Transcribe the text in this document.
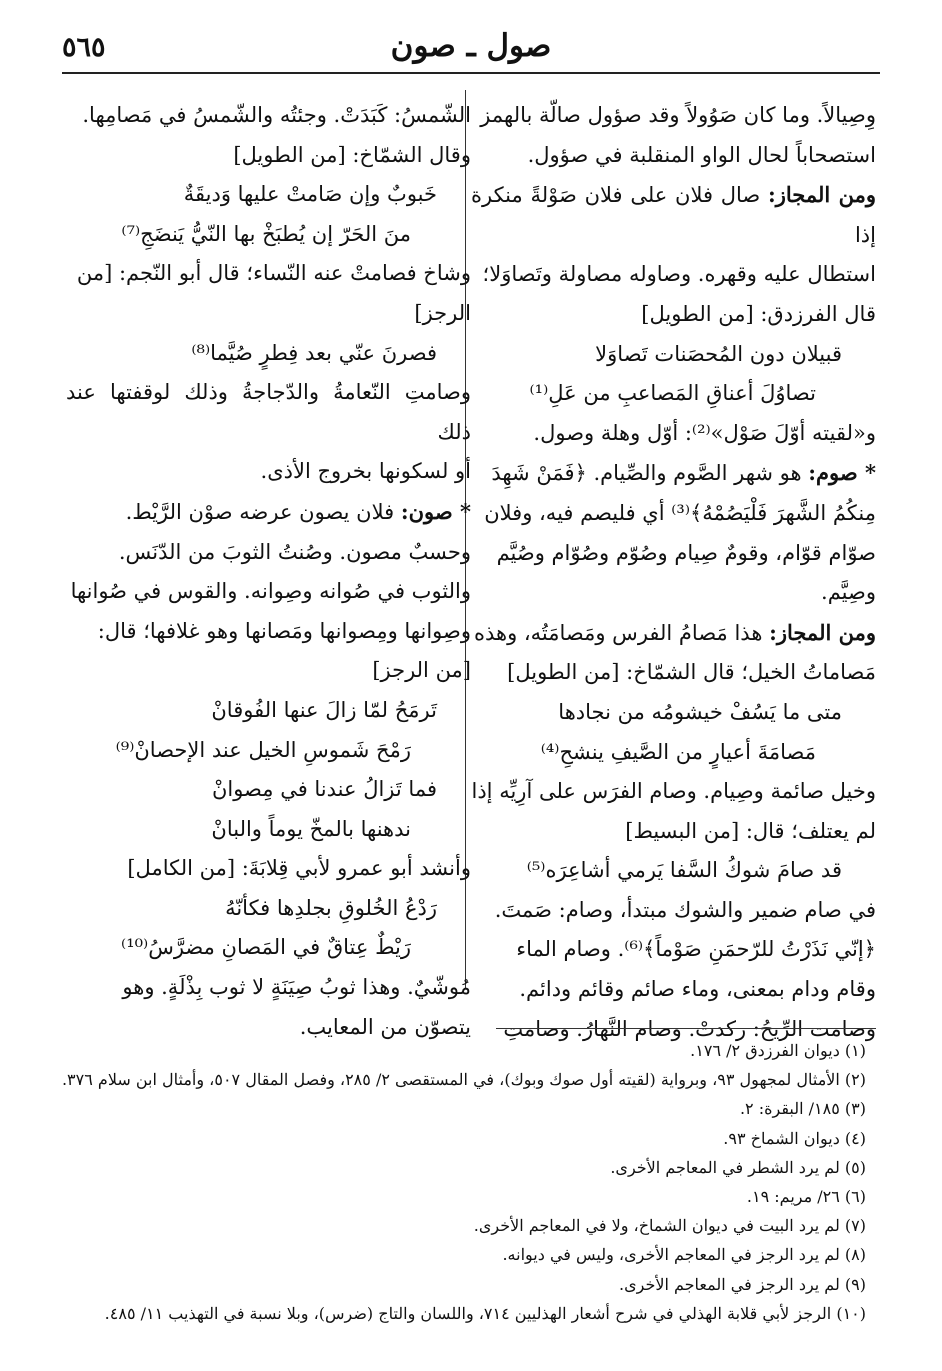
٥٦٥	صول ـ صون

وِصِيالاً. وما كان صَوُولاً وقد صؤول صالّة بالهمز

استصحاباً لحال الواو المنقلبة في صؤول.

ومن المجاز: صال فلان على فلان صَوْلةً منكرة إذا

استطال عليه وقهره. وصاوله مصاولة وتَصاوَلا؛

قال الفرزدق: [من الطويل]

قبيلان دون المُحصَنات تَصاوَلا

تصاوُلَ أعناقِ المَصاعبِ من عَلِ⁽¹⁾

و«لقيته أوّلَ صَوْل»⁽²⁾: أوّل وهلة وصول.

* صوم: هو شهر الصَّوم والصِّيام. ﴿فَمَنْ شَهِدَ

مِنكُمُ الشَّهرَ فَلْيَصُمْهُ﴾⁽³⁾ أي فليصم فيه، وفلان

صوّام قوّام، وقومٌ صِيام وصُوّم وصُوّام وصُيَّم

وصِيَّم.

ومن المجاز: هذا مَصامُ الفرس ومَصامَتُه، وهذه

مَصاماتُ الخيل؛ قال الشمّاخ: [من الطويل]

متى ما يَسُفْ خيشومُه من نجادها

مَصامَةَ أعيارٍ من الصَّيفِ ينشحِ⁽⁴⁾

وخيل صائمة وصِيام. وصام الفرَس على آرِيِّه إذا

لم يعتلف؛ قال: [من البسيط]

قد صامَ شوكُ السَّفا يَرمي أشاعِرَه⁽⁵⁾

في صام ضمير والشوك مبتدأ، وصام: صَمتَ.

﴿إنّي نَذَرْتُ للرّحمَنِ صَوْماً﴾⁽⁶⁾. وصام الماء

وقام ودام بمعنى، وماء صائم وقائم ودائم.

وصامت الرِّيحُ: ركدتْ. وصام النَّهارُ. وصامتِ

الشّمسُ: كَبَدَتْ. وجئتُه والشّمسُ في مَصامِها.

وقال الشمّاخ: [من الطويل]

خَبوبٌ وإن صَامتْ عليها وَديقَةٌ

منَ الحَرّ إن يُطبَخْ بها النّيُّ يَنضَجِ⁽⁷⁾

وشاخ فصامتْ عنه النّساء؛ قال أبو النّجم: [من

الرجز]

فصرنَ عنّي بعد فِطرٍ صُيَّما⁽⁸⁾

وصامتِ النّعامةُ والدّجاجةُ وذلك لوقفتها عند ذلك

أو لسكونها بخروج الأذى.

* صون: فلان يصون عرضه صوْن الرَّيْط.

وحسبٌ مصون. وصُنتُ الثوبَ من الدّنَس.

والثوب في صُوانه وصِوانه. والقوس في صُوانها

وصِوانها ومِصوانها ومَصانها وهو غلافها؛ قال:

[من الرجز]

تَرمَحُ لمّا زالَ عنها الفُوقانْ

رَمْحَ شَموسِ الخيل عند الإحصانْ⁽⁹⁾

فما تَزالُ عندنا في مِصوانْ

ندهنها بالمخّ يوماً والبانْ

وأنشد أبو عمرو لأبي قِلابَةَ: [من الكامل]

رَدْعُ الخُلوقِ بجلدِها فكأنّهُ

رَيْطٌ عِتاقٌ في المَصانِ مضرَّسُ⁽¹⁰⁾

مُوشّيٌ. وهذا ثوبُ صِيَنَةٍ لا ثوب بِذْلَةٍ. وهو

يتصوّن من المعايب.

(١) ديوان الفرزدق ٢/ ١٧٦.
(٢) الأمثال لمجهول ٩٣، وبرواية (لقيته أول صوك وبوك)، في المستقصى ٢/ ٢٨٥، وفصل المقال ٥٠٧، وأمثال ابن سلام ٣٧٦.
(٣) ١٨٥/ البقرة: ٢.
(٤) ديوان الشماخ ٩٣.
(٥) لم يرد الشطر في المعاجم الأخرى.
(٦) ٢٦/ مريم: ١٩.
(٧) لم يرد البيت في ديوان الشماخ، ولا في المعاجم الأخرى.
(٨) لم يرد الرجز في المعاجم الأخرى، وليس في ديوانه.
(٩) لم يرد الرجز في المعاجم الأخرى.
(١٠) الرجز لأبي قلابة الهذلي في شرح أشعار الهذليين ٧١٤، واللسان والتاج (ضرس)، وبلا نسبة في التهذيب ١١/ ٤٨٥.
